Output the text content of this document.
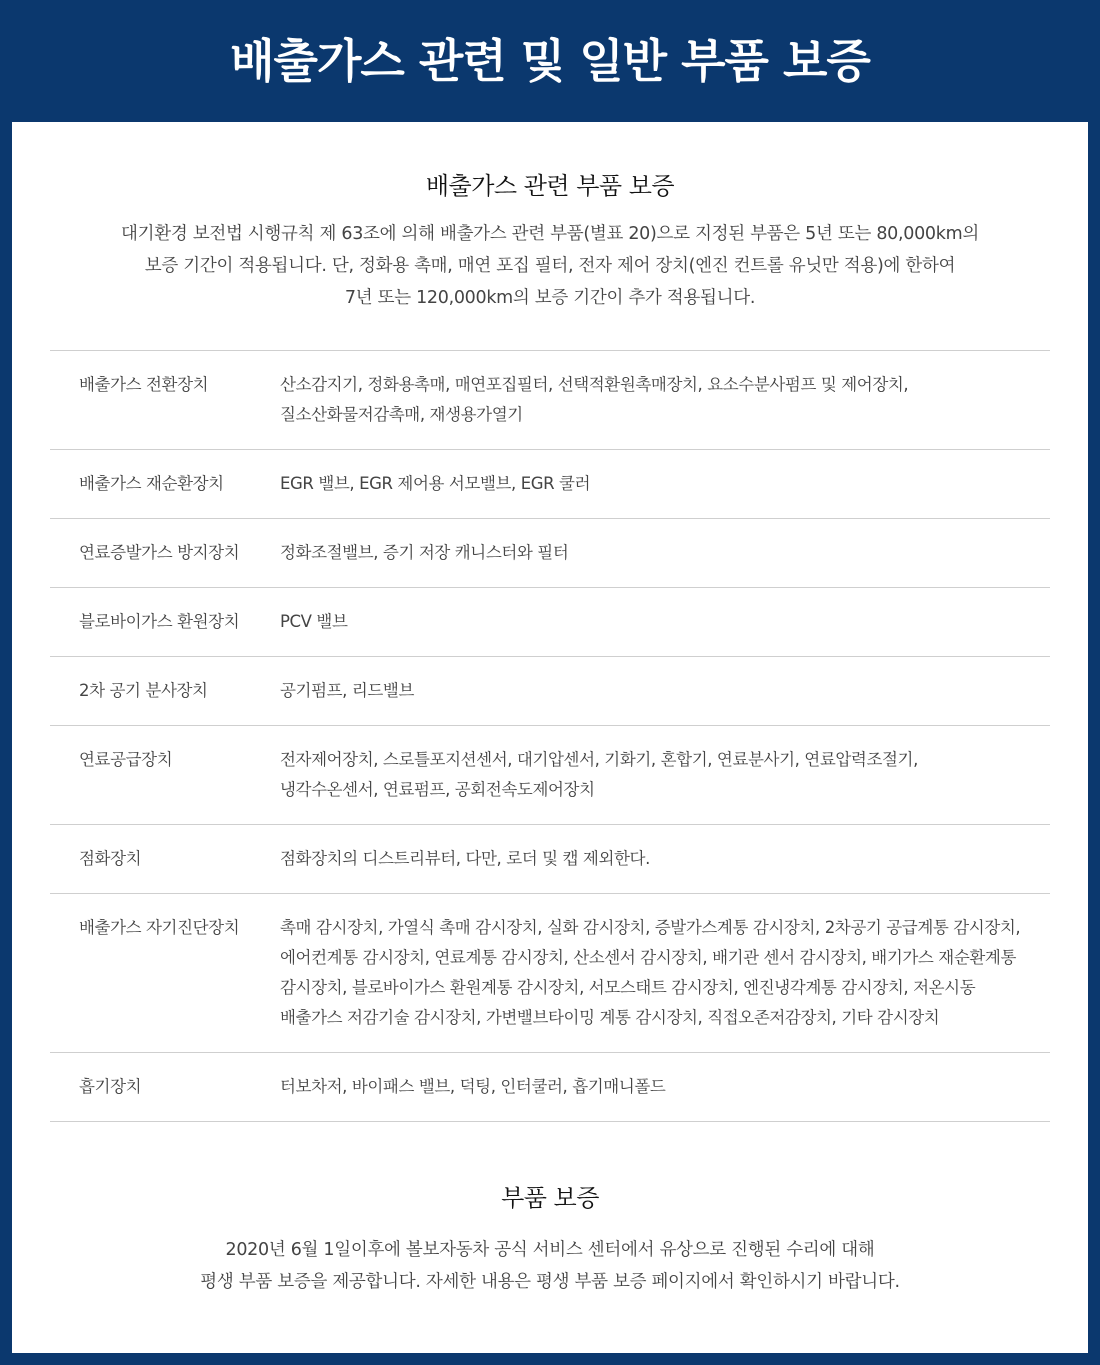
배출가스 관련 및 일반 부품 보증
배출가스 관련 부품 보증
대기환경 보전법 시행규칙 제 63조에 의해 배출가스 관련 부품(별표 20)으로 지정된 부품은 5년 또는 80,000km의
보증 기간이 적용됩니다. 단, 정화용 촉매, 매연 포집 필터, 전자 제어 장치(엔진 컨트롤 유닛만 적용)에 한하여
7년 또는 120,000km의 보증 기간이 추가 적용됩니다.
배출가스 전환장치	산소감지기, 정화용촉매, 매연포집필터, 선택적환원촉매장치, 요소수분사펌프 및 제어장치,
질소산화물저감촉매, 재생용가열기
배출가스 재순환장치	EGR 밸브, EGR 제어용 서모밸브, EGR 쿨러
연료증발가스 방지장치	정화조절밸브, 증기 저장 캐니스터와 필터
블로바이가스 환원장치	PCV 밸브
2차 공기 분사장치	공기펌프, 리드밸브
연료공급장치	전자제어장치, 스로틀포지션센서, 대기압센서, 기화기, 혼합기, 연료분사기, 연료압력조절기,
냉각수온센서, 연료펌프, 공회전속도제어장치
점화장치	점화장치의 디스트리뷰터, 다만, 로더 및 캡 제외한다.
배출가스 자기진단장치	촉매 감시장치, 가열식 촉매 감시장치, 실화 감시장치, 증발가스계통 감시장치, 2차공기 공급계통 감시장치,
에어컨계통 감시장치, 연료계통 감시장치, 산소센서 감시장치, 배기관 센서 감시장치, 배기가스 재순환계통
감시장치, 블로바이가스 환원계통 감시장치, 서모스태트 감시장치, 엔진냉각계통 감시장치, 저온시동
배출가스 저감기술 감시장치, 가변밸브타이밍 계통 감시장치, 직접오존저감장치, 기타 감시장치
흡기장치	터보차저, 바이패스 밸브, 덕팅, 인터쿨러, 흡기매니폴드
부품 보증
2020년 6월 1일이후에 볼보자동차 공식 서비스 센터에서 유상으로 진행된 수리에 대해
평생 부품 보증을 제공합니다. 자세한 내용은 평생 부품 보증 페이지에서 확인하시기 바랍니다.
